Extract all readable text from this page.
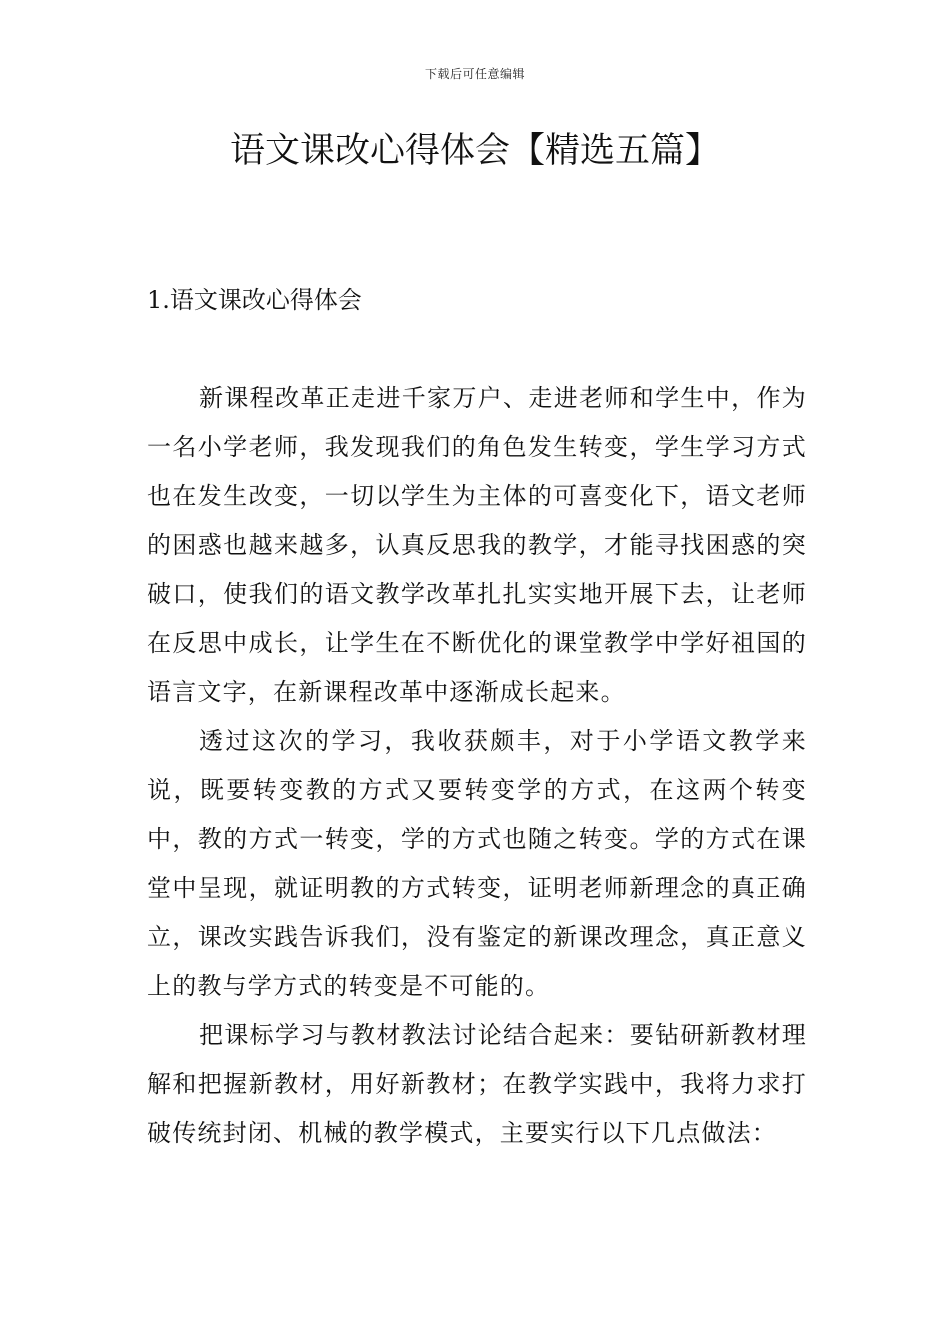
下载后可任意编辑
语文课改心得体会【精选五篇】
1.语文课改心得体会

新课程改革正走进千家万户、走进老师和学生中，作为一名小学老师，我发现我们的角色发生转变，学生学习方式也在发生改变，一切以学生为主体的可喜变化下，语文老师的困惑也越来越多，认真反思我的教学，才能寻找困惑的突破口，使我们的语文教学改革扎扎实实地开展下去，让老师在反思中成长，让学生在不断优化的课堂教学中学好祖国的语言文字，在新课程改革中逐渐成长起来。

透过这次的学习，我收获颇丰，对于小学语文教学来说，既要转变教的方式又要转变学的方式，在这两个转变中，教的方式一转变，学的方式也随之转变。学的方式在课堂中呈现，就证明教的方式转变，证明老师新理念的真正确立，课改实践告诉我们，没有鉴定的新课改理念，真正意义上的教与学方式的转变是不可能的。

把课标学习与教材教法讨论结合起来：要钻研新教材理解和把握新教材，用好新教材；在教学实践中，我将力求打破传统封闭、机械的教学模式，主要实行以下几点做法：
